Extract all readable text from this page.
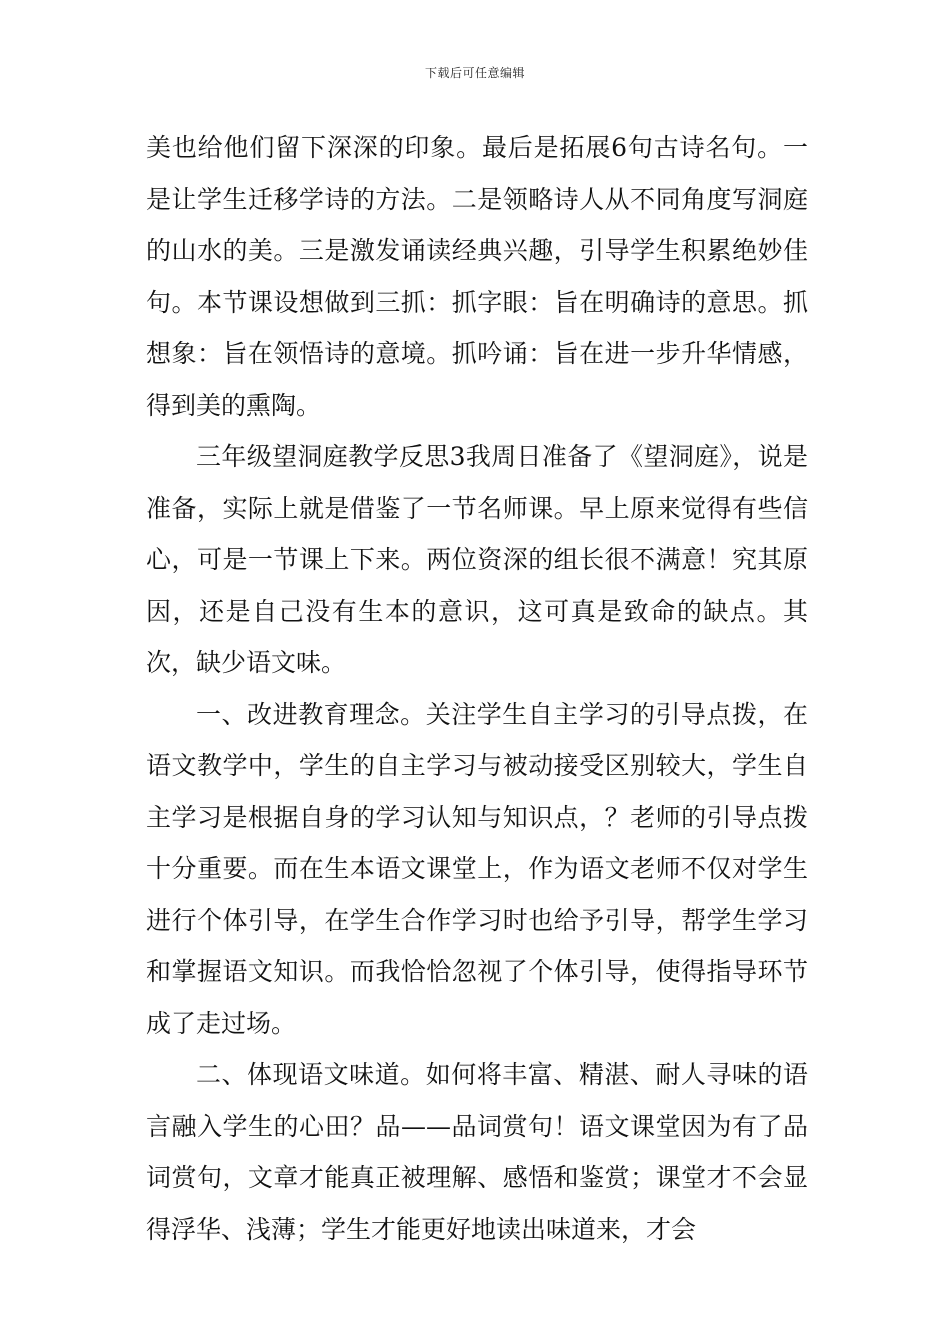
下载后可任意编辑

美也给他们留下深深的印象。最后是拓展6句古诗名句。一是让学生迁移学诗的方法。二是领略诗人从不同角度写洞庭的山水的美。三是激发诵读经典兴趣，引导学生积累绝妙佳句。本节课设想做到三抓：抓字眼：旨在明确诗的意思。抓想象：旨在领悟诗的意境。抓吟诵：旨在进一步升华情感，得到美的熏陶。

三年级望洞庭教学反思3我周日准备了《望洞庭》，说是准备，实际上就是借鉴了一节名师课。早上原来觉得有些信心，可是一节课上下来。两位资深的组长很不满意！究其原因，还是自己没有生本的意识，这可真是致命的缺点。其次，缺少语文味。

一、改进教育理念。关注学生自主学习的引导点拨，在语文教学中，学生的自主学习与被动接受区别较大，学生自主学习是根据自身的学习认知与知识点，？老师的引导点拨十分重要。而在生本语文课堂上，作为语文老师不仅对学生进行个体引导，在学生合作学习时也给予引导，帮学生学习和掌握语文知识。而我恰恰忽视了个体引导，使得指导环节成了走过场。

二、体现语文味道。如何将丰富、精湛、耐人寻味的语言融入学生的心田？品——品词赏句！语文课堂因为有了品词赏句，文章才能真正被理解、感悟和鉴赏；课堂才不会显得浮华、浅薄；学生才能更好地读出味道来，才会
